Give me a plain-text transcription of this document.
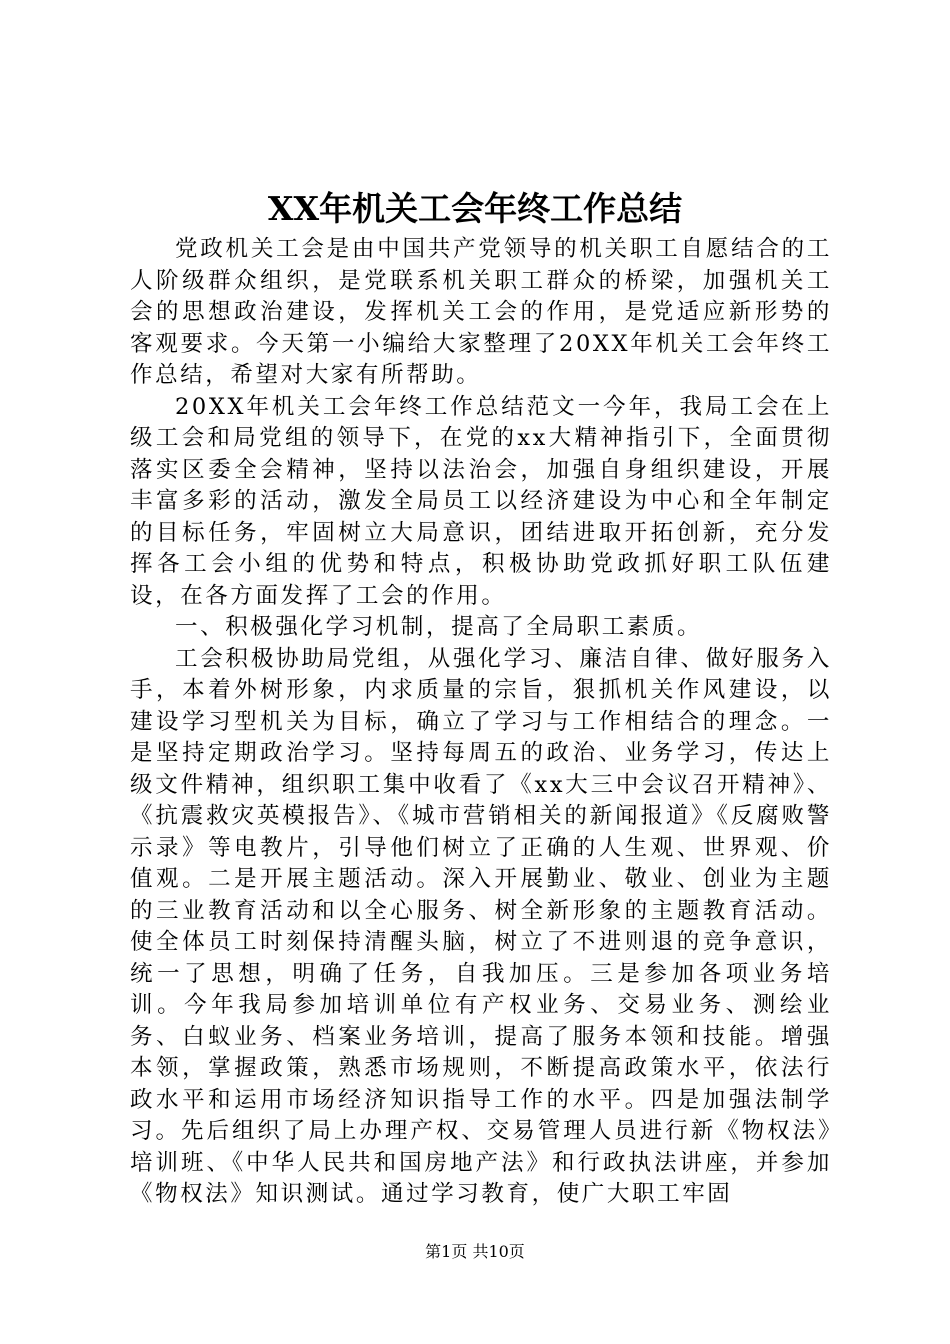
XX年机关工会年终工作总结

党政机关工会是由中国共产党领导的机关职工自愿结合的工人阶级群众组织，是党联系机关职工群众的桥梁，加强机关工会的思想政治建设，发挥机关工会的作用，是党适应新形势的客观要求。今天第一小编给大家整理了20XX年机关工会年终工作总结，希望对大家有所帮助。

20XX年机关工会年终工作总结范文一今年，我局工会在上级工会和局党组的领导下，在党的xx大精神指引下，全面贯彻落实区委全会精神，坚持以法治会，加强自身组织建设，开展丰富多彩的活动，激发全局员工以经济建设为中心和全年制定的目标任务，牢固树立大局意识，团结进取开拓创新，充分发挥各工会小组的优势和特点，积极协助党政抓好职工队伍建设，在各方面发挥了工会的作用。

一、积极强化学习机制，提高了全局职工素质。

工会积极协助局党组，从强化学习、廉洁自律、做好服务入手，本着外树形象，内求质量的宗旨，狠抓机关作风建设，以建设学习型机关为目标，确立了学习与工作相结合的理念。一是坚持定期政治学习。坚持每周五的政治、业务学习，传达上级文件精神，组织职工集中收看了《xx大三中会议召开精神》、《抗震救灾英模报告》、《城市营销相关的新闻报道》《反腐败警示录》等电教片，引导他们树立了正确的人生观、世界观、价值观。二是开展主题活动。深入开展勤业、敬业、创业为主题的三业教育活动和以全心服务、树全新形象的主题教育活动。使全体员工时刻保持清醒头脑，树立了不进则退的竞争意识，统一了思想，明确了任务，自我加压。三是参加各项业务培训。今年我局参加培训单位有产权业务、交易业务、测绘业务、白蚁业务、档案业务培训，提高了服务本领和技能。增强本领，掌握政策，熟悉市场规则，不断提高政策水平，依法行政水平和运用市场经济知识指导工作的水平。四是加强法制学习。先后组织了局上办理产权、交易管理人员进行新《物权法》培训班、《中华人民共和国房地产法》和行政执法讲座，并参加《物权法》知识测试。通过学习教育，使广大职工牢固

第1页 共10页
